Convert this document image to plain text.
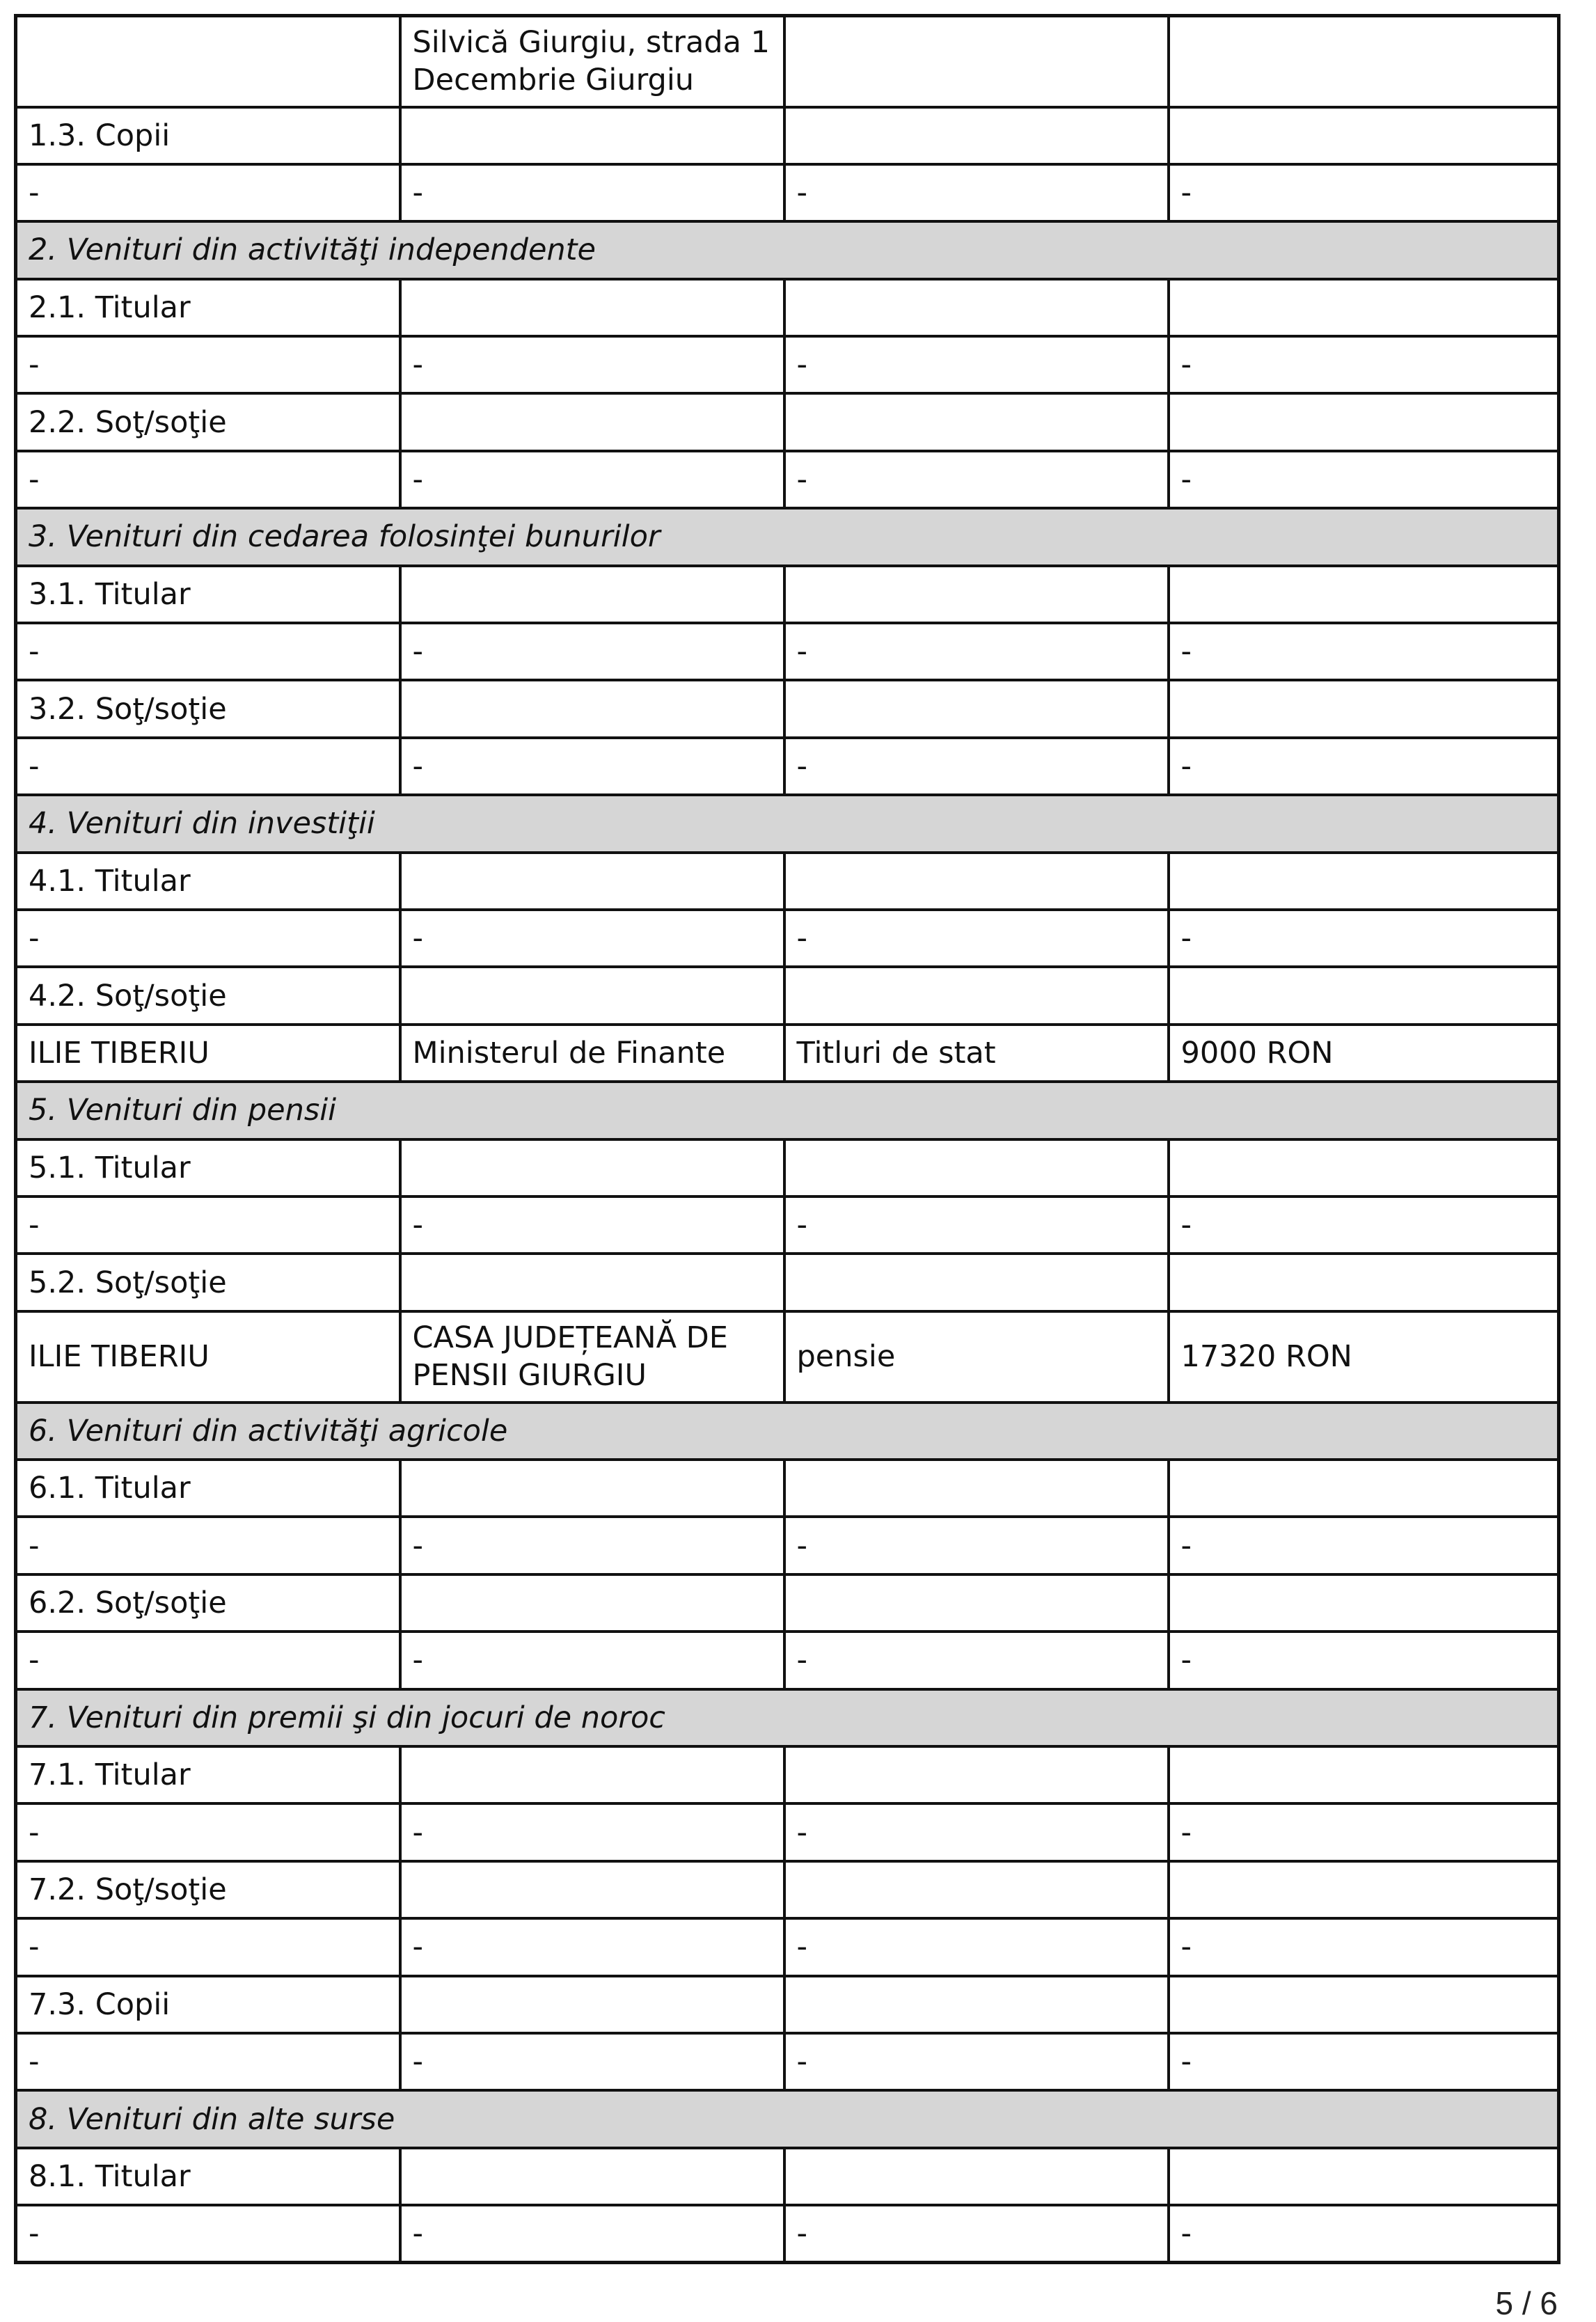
	Silvică Giurgiu, strada 1 Decembrie Giurgiu		
1.3. Copii			
-	-	-	-
2. Venituri din activităţi independente			
2.1. Titular			
-	-	-	-
2.2. Soţ/soţie			
-	-	-	-
3. Venituri din cedarea folosinţei bunurilor			
3.1. Titular			
-	-	-	-
3.2. Soţ/soţie			
-	-	-	-
4. Venituri din investiţii			
4.1. Titular			
-	-	-	-
4.2. Soţ/soţie			
ILIE TIBERIU	Ministerul de Finante	Titluri de stat	9000 RON
5. Venituri din pensii			
5.1. Titular			
-	-	-	-
5.2. Soţ/soţie			
ILIE TIBERIU	CASA JUDEȚEANĂ DE PENSII GIURGIU	pensie	17320 RON
6. Venituri din activităţi agricole			
6.1. Titular			
-	-	-	-
6.2. Soţ/soţie			
-	-	-	-
7. Venituri din premii şi din jocuri de noroc			
7.1. Titular			
-	-	-	-
7.2. Soţ/soţie			
-	-	-	-
7.3. Copii			
-	-	-	-
8. Venituri din alte surse			
8.1. Titular			
-	-	-	-
5 / 6
